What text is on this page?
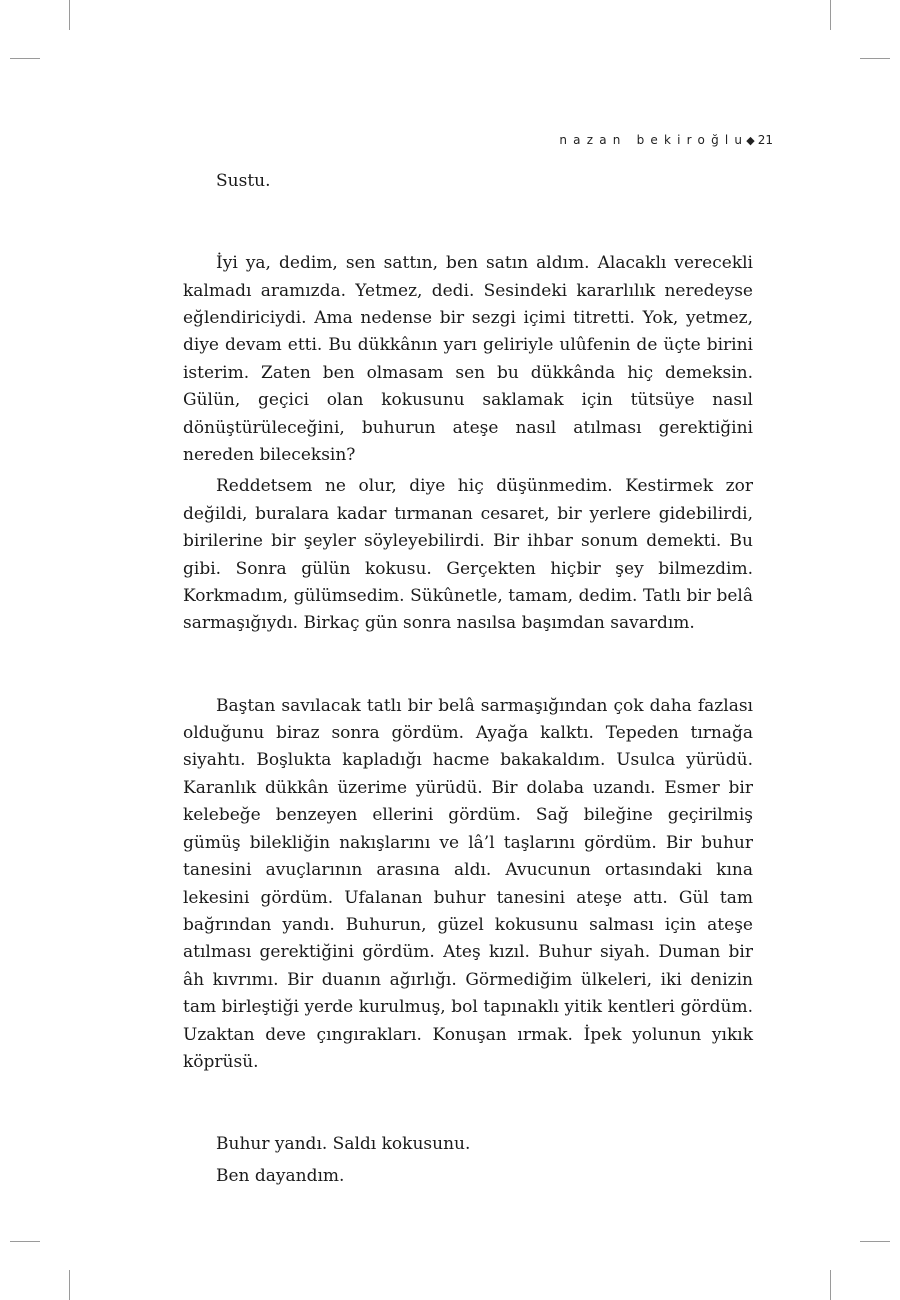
nazan bekiroğlu◆ 21

Sustu.

İyi ya, dedim, sen sattın, ben satın aldım. Alacaklı verecekli kalmadı aramızda. Yetmez, dedi. Sesindeki kararlılık neredeyse eğlendiriciydi. Ama nedense bir sezgi içimi titretti. Yok, yetmez, diye devam etti. Bu dükkânın yarı geliriyle ulûfenin de üçte birini isterim. Zaten ben olmasam sen bu dükkânda hiç demeksin. Gülün, geçici olan kokusunu saklamak için tütsüye nasıl dönüştürüleceğini, buhurun ateşe nasıl atılması gerektiğini nereden bileceksin?

Reddetsem ne olur, diye hiç düşünmedim. Kestirmek zor değildi, buralara kadar tırmanan cesaret, bir yerlere gidebilirdi, birilerine bir şeyler söyleyebilirdi. Bir ihbar sonum demekti. Bu gibi. Sonra gülün kokusu. Gerçekten hiçbir şey bilmezdim. Korkmadım, gülümsedim. Sükûnetle, tamam, dedim. Tatlı bir belâ sarmaşığıydı. Birkaç gün sonra nasılsa başımdan savardım.

Baştan savılacak tatlı bir belâ sarmaşığından çok daha fazlası olduğunu biraz sonra gördüm. Ayağa kalktı. Tepeden tırnağa siyahtı. Boşlukta kapladığı hacme bakakaldım. Usulca yürüdü. Karanlık dükkân üzerime yürüdü. Bir dolaba uzandı. Esmer bir kelebeğe benzeyen ellerini gördüm. Sağ bileğine geçirilmiş gümüş bilekliğin nakışlarını ve lâ’l taşlarını gördüm. Bir buhur tanesini avuçlarının arasına aldı. Avucunun ortasındaki kına lekesini gördüm. Ufalanan buhur tanesini ateşe attı. Gül tam bağrından yandı. Buhurun, güzel kokusunu salması için ateşe atılması gerektiğini gördüm. Ateş kızıl. Buhur siyah. Duman bir âh kıvrımı. Bir duanın ağırlığı. Görmediğim ülkeleri, iki denizin tam birleştiği yerde kurulmuş, bol tapınaklı yitik kentleri gördüm. Uzaktan deve çıngırakları. Konuşan ırmak. İpek yolunun yıkık köprüsü.

Buhur yandı. Saldı kokusunu.

Ben dayandım.
